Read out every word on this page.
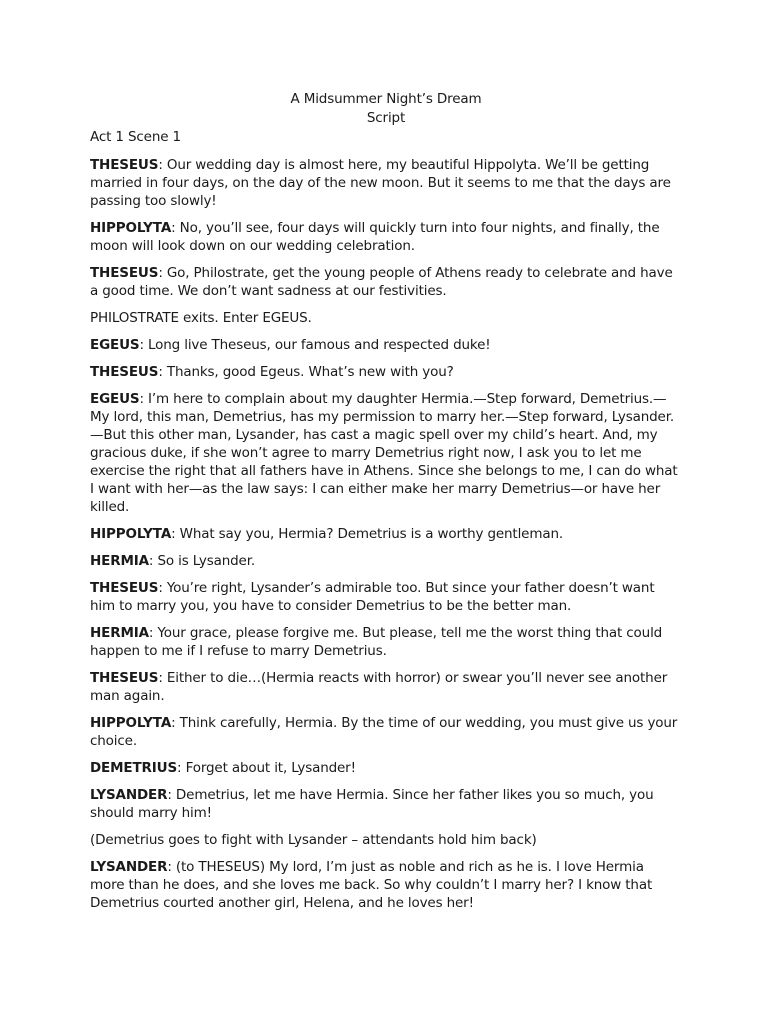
A Midsummer Night’s Dream
Script
Act 1 Scene 1
THESEUS: Our wedding day is almost here, my beautiful Hippolyta. We’ll be getting married in four days, on the day of the new moon. But it seems to me that the days are passing too slowly!
HIPPOLYTA: No, you’ll see, four days will quickly turn into four nights, and finally, the moon will look down on our wedding celebration.
THESEUS: Go, Philostrate, get the young people of Athens ready to celebrate and have a good time. We don’t want sadness at our festivities.
PHILOSTRATE exits. Enter EGEUS.
EGEUS: Long live Theseus, our famous and respected duke!
THESEUS: Thanks, good Egeus. What’s new with you?
EGEUS: I’m here to complain about my daughter Hermia.—Step forward, Demetrius.— My lord, this man, Demetrius, has my permission to marry her.—Step forward, Lysander.—But this other man, Lysander, has cast a magic spell over my child’s heart. And, my gracious duke, if she won’t agree to marry Demetrius right now, I ask you to let me exercise the right that all fathers have in Athens. Since she belongs to me, I can do what I want with her—as the law says: I can either make her marry Demetrius—or have her killed.
HIPPOLYTA: What say you, Hermia? Demetrius is a worthy gentleman.
HERMIA: So is Lysander.
THESEUS: You’re right, Lysander’s admirable too. But since your father doesn’t want him to marry you, you have to consider Demetrius to be the better man.
HERMIA: Your grace, please forgive me. But please, tell me the worst thing that could happen to me if I refuse to marry Demetrius.
THESEUS: Either to die…(Hermia reacts with horror) or swear you’ll never see another man again.
HIPPOLYTA: Think carefully, Hermia. By the time of our wedding, you must give us your choice.
DEMETRIUS: Forget about it, Lysander!
LYSANDER: Demetrius, let me have Hermia. Since her father likes you so much, you should marry him!
(Demetrius goes to fight with Lysander – attendants hold him back)
LYSANDER: (to THESEUS) My lord, I’m just as noble and rich as he is. I love Hermia more than he does, and she loves me back. So why couldn’t I marry her? I know that Demetrius courted another girl, Helena, and he loves her!
